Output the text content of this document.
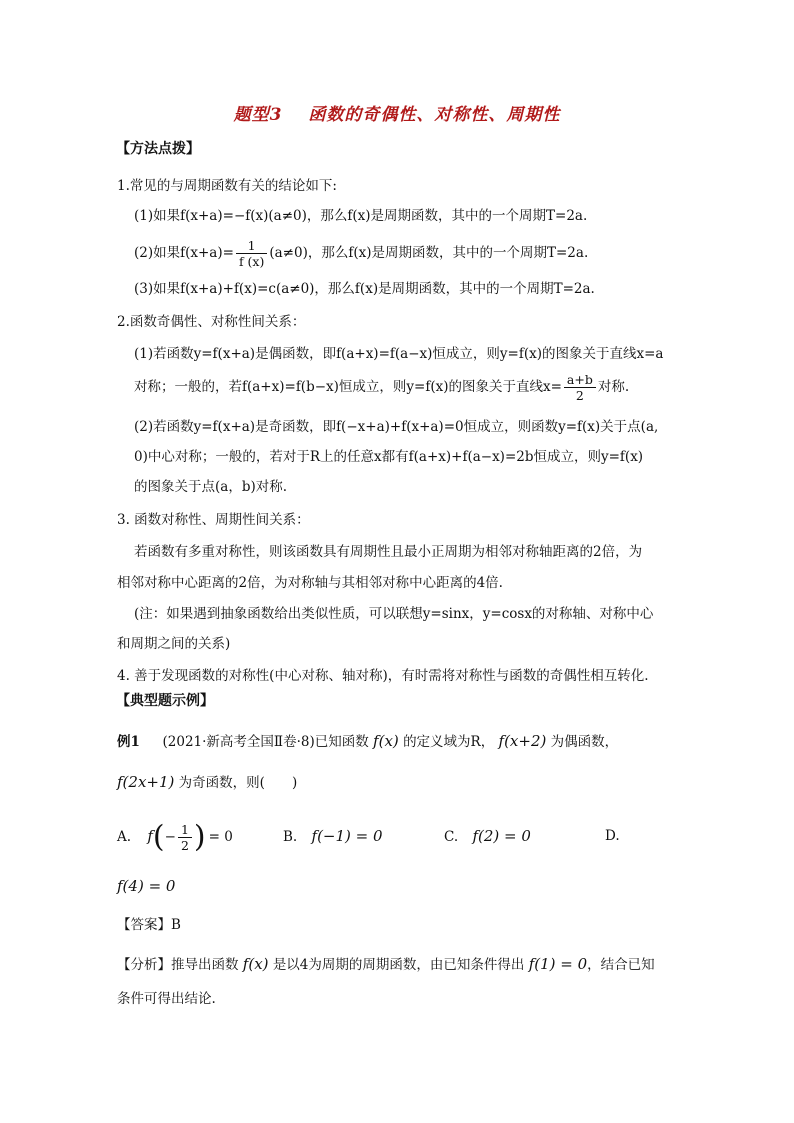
题型3 函数的奇偶性、对称性、周期性
【方法点拨】
1.常见的与周期函数有关的结论如下:
(1)如果f(x+a)=−f(x)(a≠0)，那么f(x)是周期函数，其中的一个周期T=2a.
(2)如果$f(x+a)= \frac{1}{f (x)} (a\ne 0)$，那么f(x)是周期函数，其中的一个周期T=2a.
(3)如果f(x+a)+f(x)=c(a≠0)，那么f(x)是周期函数，其中的一个周期T=2a.
2.函数奇偶性、对称性间关系：
(1)若函数y=f(x+a)是偶函数，即f(a+x)=f(a−x)恒成立，则y=f(x)的图象关于直线x=a
对称；一般的，若f(a+x)=f(b−x)恒成立，则y=f(x)的图象关于直线$x= \frac{a+b}{2}$ 对称.
(2)若函数y=f(x+a)是奇函数，即f(−x+a)+f(x+a)=0恒成立，则函数y=f(x)关于点(a,
0)中心对称；一般的，若对于R上的任意x都有f(a+x)+f(a−x)=2b恒成立，则y=f(x)
的图象关于点(a，b)对称.
3. 函数对称性、周期性间关系：
若函数有多重对称性，则该函数具有周期性且最小正周期为相邻对称轴距离的2倍，为
相邻对称中心距离的2倍，为对称轴与其相邻对称中心距离的4倍.
(注：如果遇到抽象函数给出类似性质，可以联想y=sinx，y=cosx的对称轴、对称中心
和周期之间的关系)
4. 善于发现函数的对称性(中心对称、轴对称)，有时需将对称性与函数的奇偶性相互转化.
【典型题示例】
例1 (2021·新高考全国Ⅱ卷·8)已知函数 f(x) 的定义域为R， f(x+2) 为偶函数，
f(2x+1) 为奇函数，则(　　)
A. $f(- \frac{1}{2}$ ) = 0	B. f(−1) = 0	C. f(2) = 0	D.
f(4) = 0
【答案】B
【分析】推导出函数 f(x) 是以4为周期的周期函数，由已知条件得出 f(1) = 0，结合已知
条件可得出结论.
